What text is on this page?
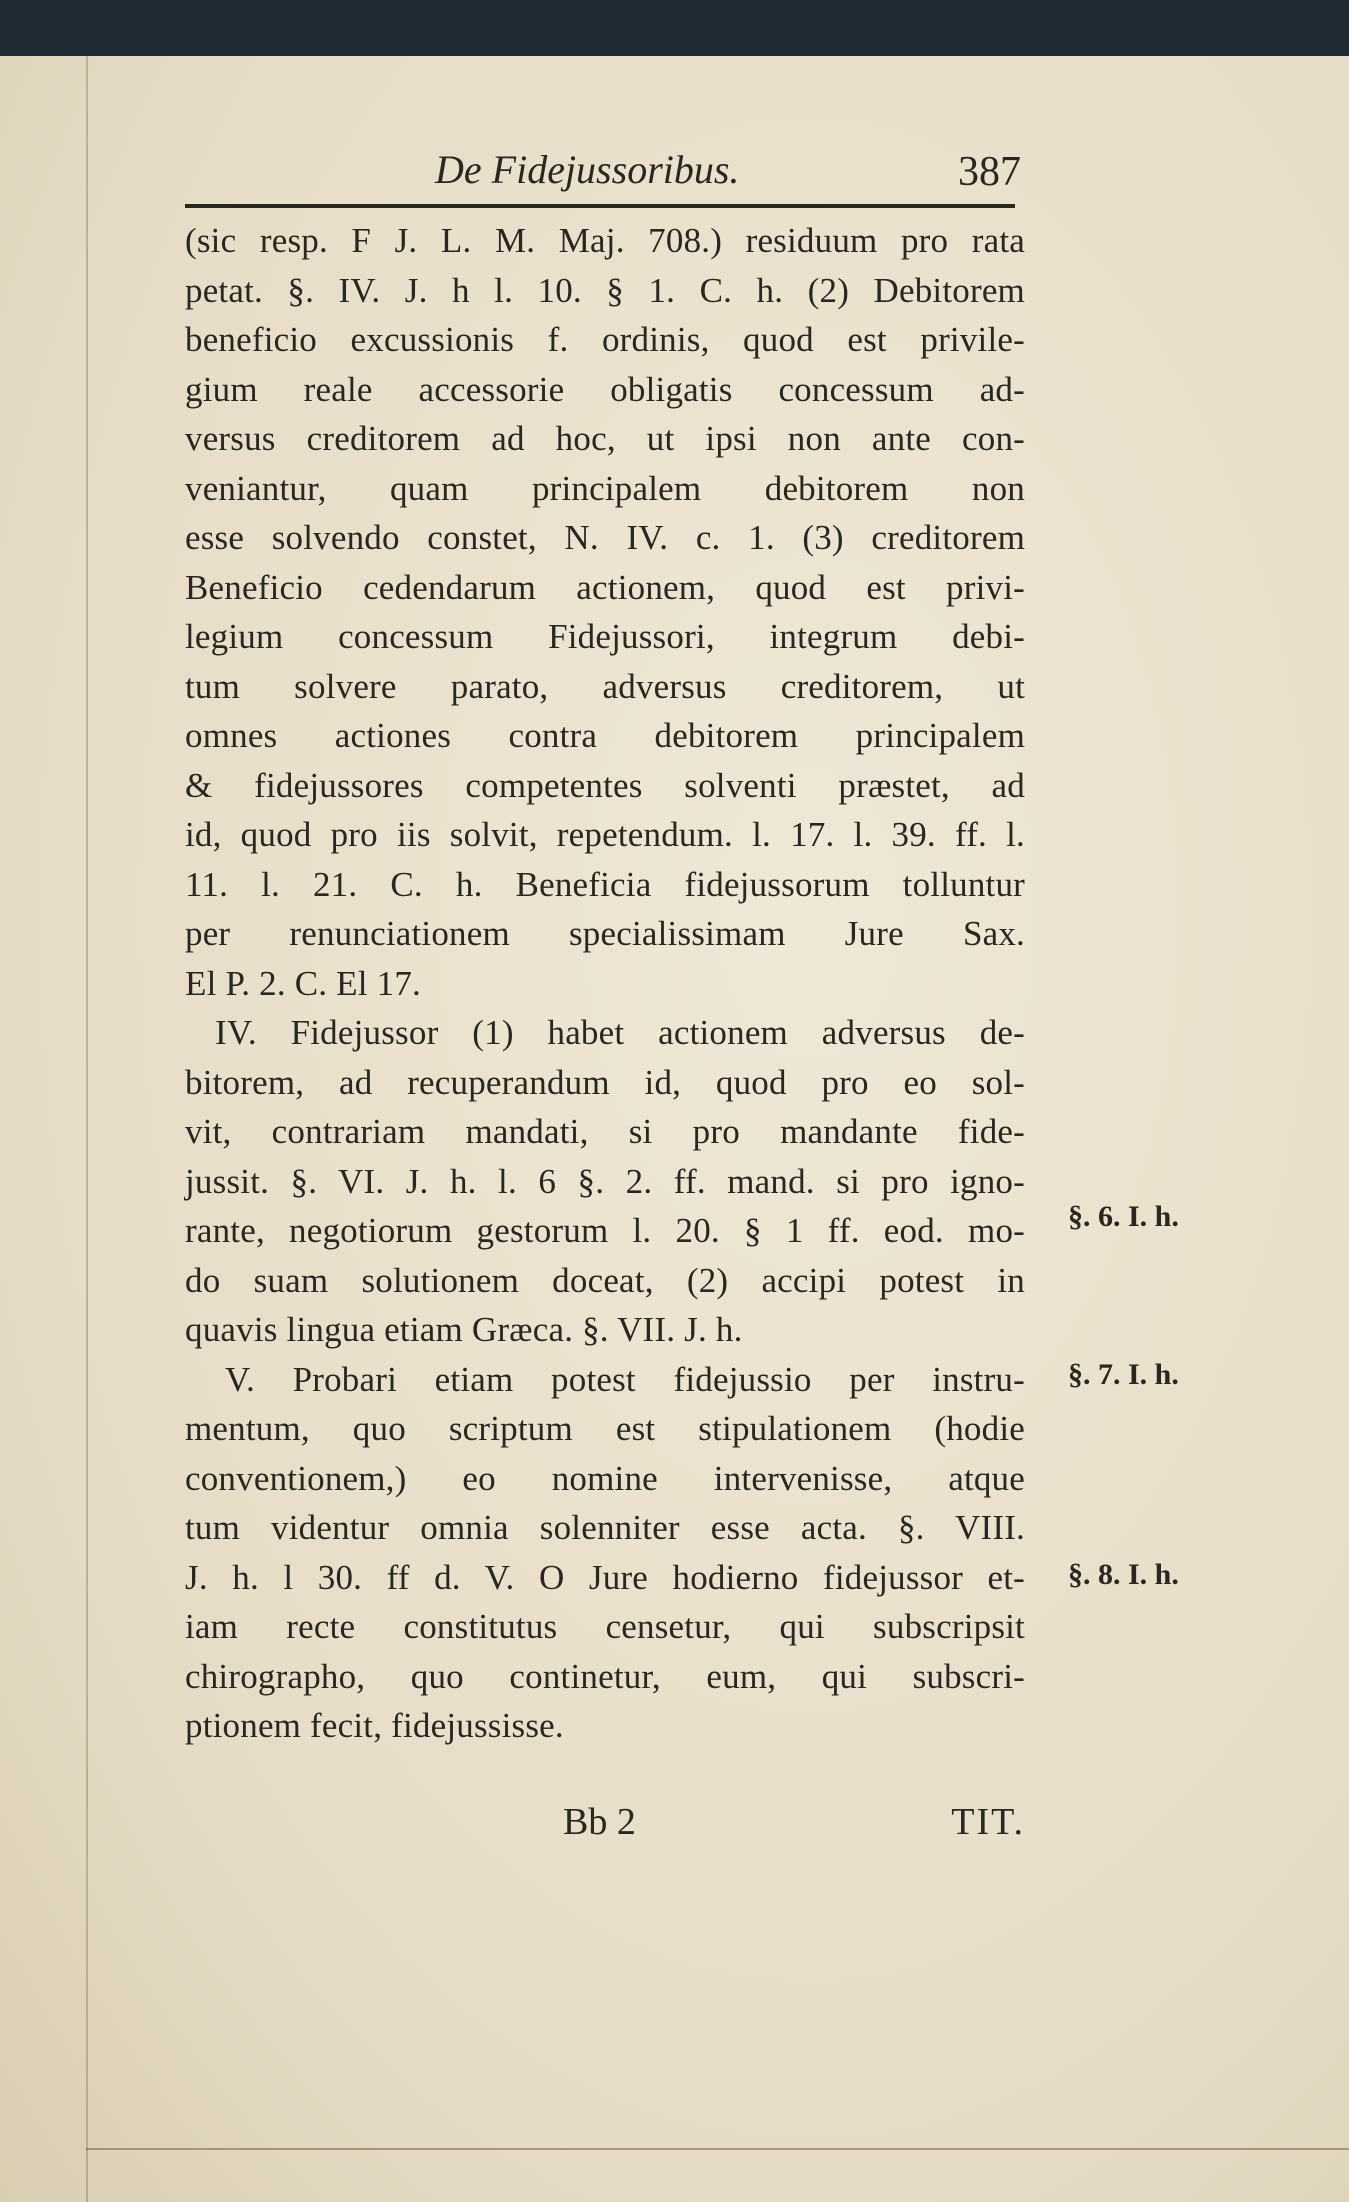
De Fidejussoribus.	387
(sic resp. F J. L. M. Maj. 708.) residuum pro rata
petat. §. IV. J. h l. 10. § 1. C. h. (2) Debitorem
beneficio excussionis f. ordinis, quod est privile-
gium reale accessorie obligatis concessum ad-
versus creditorem ad hoc, ut ipsi non ante con-
veniantur, quam principalem debitorem non
esse solvendo constet, N. IV. c. 1. (3) creditorem
Beneficio cedendarum actionem, quod est privi-
legium concessum Fidejussori, integrum debi-
tum solvere parato, adversus creditorem, ut
omnes actiones contra debitorem principalem
& fidejussores competentes solventi præstet, ad
id, quod pro iis solvit, repetendum. l. 17. l. 39. ff. l.
11. l. 21. C. h. Beneficia fidejussorum tolluntur
per renunciationem specialissimam Jure Sax.
El P. 2. C. El 17.
IV. Fidejussor (1) habet actionem adversus de-
bitorem, ad recuperandum id, quod pro eo sol-
vit, contrariam mandati, si pro mandante fide-
jussit. §. VI. J. h. l. 6 §. 2. ff. mand. si pro igno-
rante, negotiorum gestorum l. 20. § 1 ff. eod. mo-
do suam solutionem doceat, (2) accipi potest in
quavis lingua etiam Græca. §. VII. J. h.
V. Probari etiam potest fidejussio per instru-
mentum, quo scriptum est stipulationem (hodie
conventionem,) eo nomine intervenisse, atque
tum videntur omnia solenniter esse acta. §. VIII.
J. h. l 30. ff d. V. O Jure hodierno fidejussor et-
iam recte constitutus censetur, qui subscripsit
chirographo, quo continetur, eum, qui subscri-
ptionem fecit, fidejussisse.
§. 6. I. h.
§. 7. I. h.
§. 8. I. h.
Bb 2	TIT.
